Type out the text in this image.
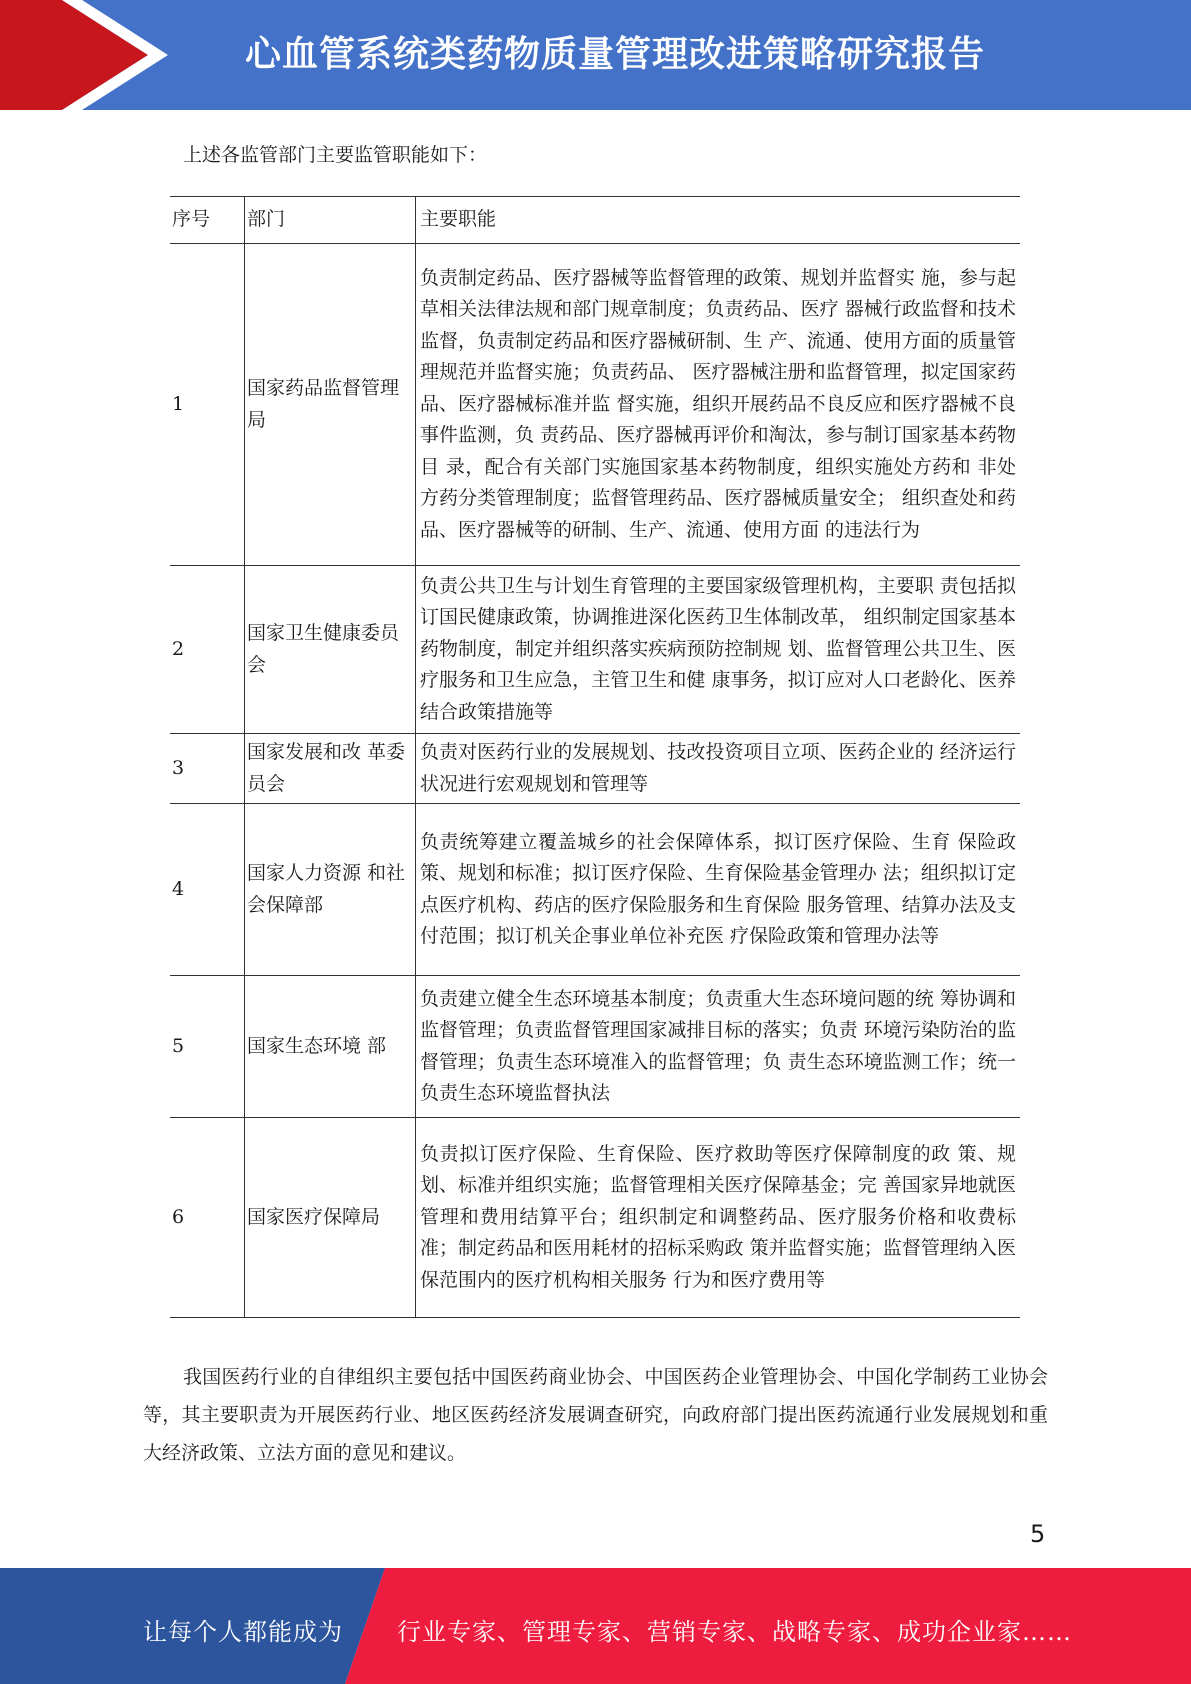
心血管系统类药物质量管理改进策略研究报告
上述各监管部门主要监管职能如下：
序号	部门	主要职能
1	国家药品监督管理局	负责制定药品、医疗器械等监督管理的政策、规划并监督实 施，参与起草相关法律法规和部门规章制度；负责药品、医疗 器械行政监督和技术监督，负责制定药品和医疗器械研制、生 产、流通、使用方面的质量管理规范并监督实施；负责药品、 医疗器械注册和监督管理，拟定国家药品、医疗器械标准并监 督实施，组织开展药品不良反应和医疗器械不良事件监测，负 责药品、医疗器械再评价和淘汰，参与制订国家基本药物目 录，配合有关部门实施国家基本药物制度，组织实施处方药和 非处方药分类管理制度；监督管理药品、医疗器械质量安全； 组织查处和药品、医疗器械等的研制、生产、流通、使用方面 的违法行为
2	国家卫生健康委员会	负责公共卫生与计划生育管理的主要国家级管理机构，主要职 责包括拟订国民健康政策，协调推进深化医药卫生体制改革， 组织制定国家基本药物制度，制定并组织落实疾病预防控制规 划、监督管理公共卫生、医疗服务和卫生应急，主管卫生和健 康事务，拟订应对人口老龄化、医养结合政策措施等
3	国家发展和改 革委员会	负责对医药行业的发展规划、技改投资项目立项、医药企业的 经济运行状况进行宏观规划和管理等
4	国家人力资源 和社会保障部	负责统筹建立覆盖城乡的社会保障体系，拟订医疗保险、生育 保险政策、规划和标准；拟订医疗保险、生育保险基金管理办 法；组织拟订定点医疗机构、药店的医疗保险服务和生育保险 服务管理、结算办法及支付范围；拟订机关企事业单位补充医 疗保险政策和管理办法等
5	国家生态环境 部	负责建立健全生态环境基本制度；负责重大生态环境问题的统 筹协调和监督管理；负责监督管理国家减排目标的落实；负责 环境污染防治的监督管理；负责生态环境准入的监督管理；负 责生态环境监测工作；统一负责生态环境监督执法
6	国家医疗保障局	负责拟订医疗保险、生育保险、医疗救助等医疗保障制度的政 策、规划、标准并组织实施；监督管理相关医疗保障基金；完 善国家异地就医管理和费用结算平台；组织制定和调整药品、医疗服务价格和收费标准；制定药品和医用耗材的招标采购政 策并监督实施；监督管理纳入医保范围内的医疗机构相关服务 行为和医疗费用等
我国医药行业的自律组织主要包括中国医药商业协会、中国医药企业管理协会、中国化学制药工业协会等，其主要职责为开展医药行业、地区医药经济发展调查研究，向政府部门提出医药流通行业发展规划和重大经济政策、立法方面的意见和建议。
5
让每个人都能成为 行业专家、管理专家、营销专家、战略专家、成功企业家……
